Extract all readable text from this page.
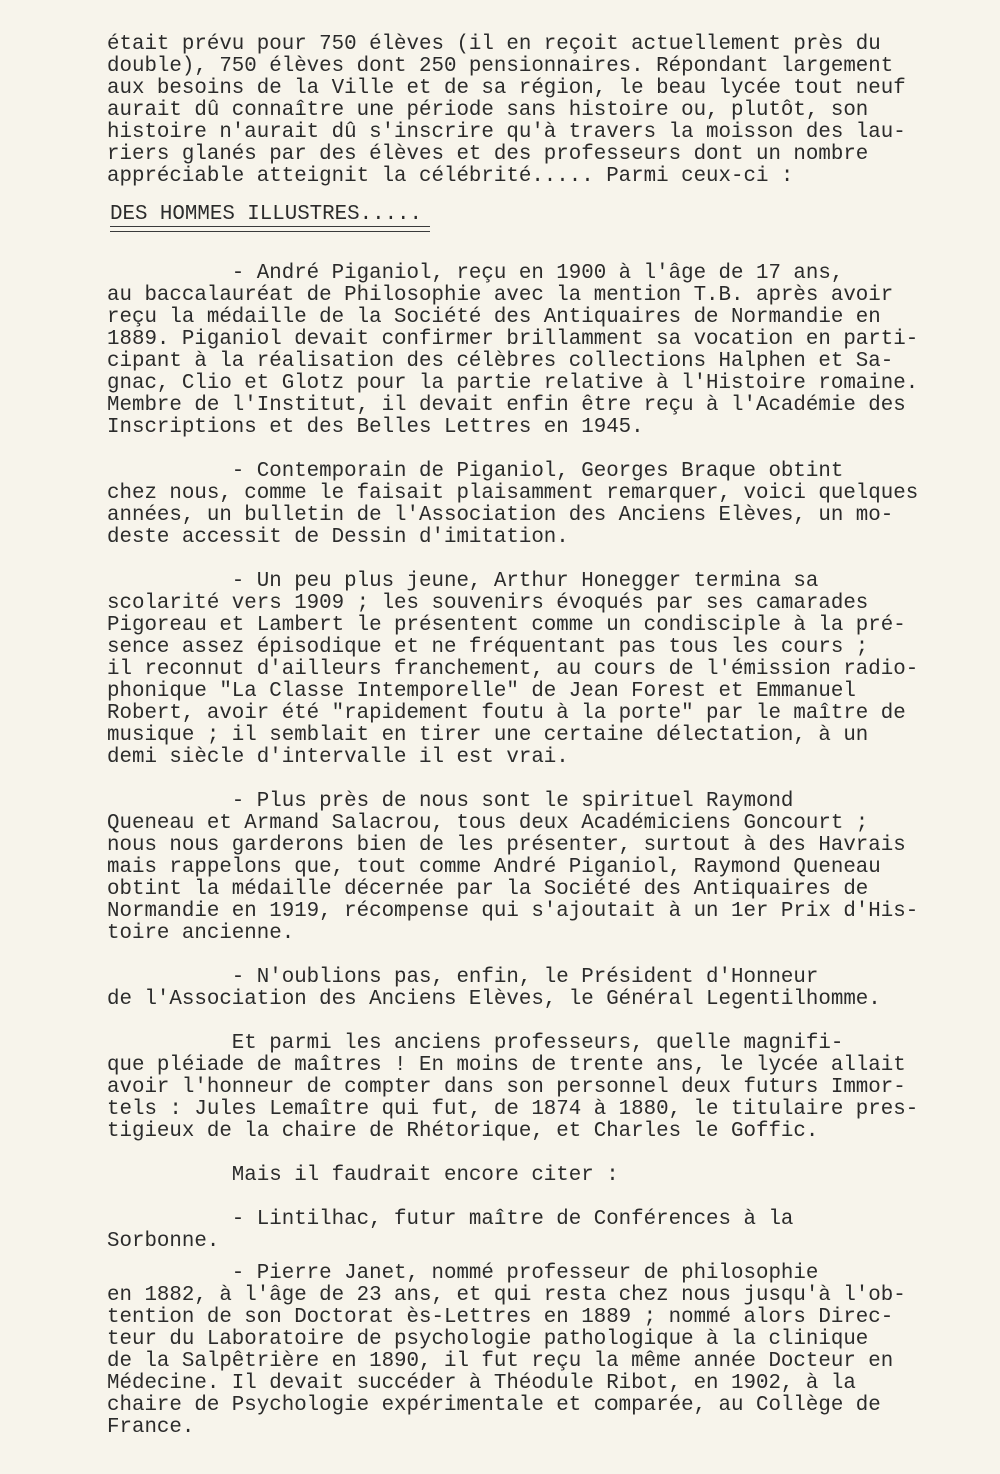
DES HOMMES ILLUSTRES.....
était prévu pour 750 élèves (il en reçoit actuellement près du
double), 750 élèves dont 250 pensionnaires. Répondant largement
aux besoins de la Ville et de sa région, le beau lycée tout neuf
aurait dû connaître une période sans histoire ou, plutôt, son
histoire n'aurait dû s'inscrire qu'à travers la moisson des lau-
riers glanés par des élèves et des professeurs dont un nombre
appréciable atteignit la célébrité..... Parmi ceux-ci :
- André Piganiol, reçu en 1900 à l'âge de 17 ans,
au baccalauréat de Philosophie avec la mention T.B. après avoir
reçu la médaille de la Société des Antiquaires de Normandie en
1889. Piganiol devait confirmer brillamment sa vocation en parti-
cipant à la réalisation des célèbres collections Halphen et Sa-
gnac, Clio et Glotz pour la partie relative à l'Histoire romaine.
Membre de l'Institut, il devait enfin être reçu à l'Académie des
Inscriptions et des Belles Lettres en 1945.
- Contemporain de Piganiol, Georges Braque obtint
chez nous, comme le faisait plaisamment remarquer, voici quelques
années, un bulletin de l'Association des Anciens Elèves, un mo-
deste accessit de Dessin d'imitation.
- Un peu plus jeune, Arthur Honegger termina sa
scolarité vers 1909 ; les souvenirs évoqués par ses camarades
Pigoreau et Lambert le présentent comme un condisciple à la pré-
sence assez épisodique et ne fréquentant pas tous les cours ;
il reconnut d'ailleurs franchement, au cours de l'émission radio-
phonique "La Classe Intemporelle" de Jean Forest et Emmanuel
Robert, avoir été "rapidement foutu à la porte" par le maître de
musique ; il semblait en tirer une certaine délectation, à un
demi siècle d'intervalle il est vrai.
- Plus près de nous sont le spirituel Raymond
Queneau et Armand Salacrou, tous deux Académiciens Goncourt ;
nous nous garderons bien de les présenter, surtout à des Havrais
mais rappelons que, tout comme André Piganiol, Raymond Queneau
obtint la médaille décernée par la Société des Antiquaires de
Normandie en 1919, récompense qui s'ajoutait à un 1er Prix d'His-
toire ancienne.
- N'oublions pas, enfin, le Président d'Honneur
de l'Association des Anciens Elèves, le Général Legentilhomme.
Et parmi les anciens professeurs, quelle magnifi-
que pléiade de maîtres ! En moins de trente ans, le lycée allait
avoir l'honneur de compter dans son personnel deux futurs Immor-
tels : Jules Lemaître qui fut, de 1874 à 1880, le titulaire pres-
tigieux de la chaire de Rhétorique, et Charles le Goffic.
Mais il faudrait encore citer :
- Lintilhac, futur maître de Conférences à la
Sorbonne.
- Pierre Janet, nommé professeur de philosophie
en 1882, à l'âge de 23 ans, et qui resta chez nous jusqu'à l'ob-
tention de son Doctorat ès-Lettres en 1889 ; nommé alors Direc-
teur du Laboratoire de psychologie pathologique à la clinique
de la Salpêtrière en 1890, il fut reçu la même année Docteur en
Médecine. Il devait succéder à Théodule Ribot, en 1902, à la
chaire de Psychologie expérimentale et comparée, au Collège de
France.
